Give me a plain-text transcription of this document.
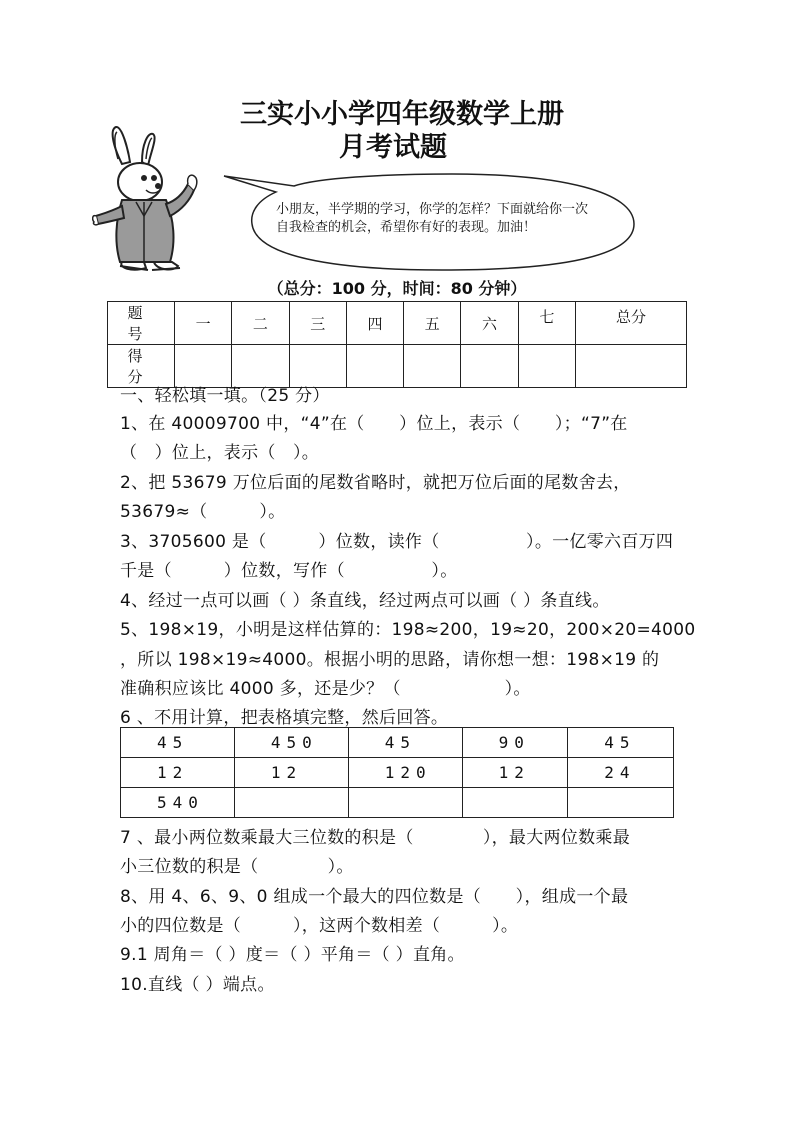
三实小小学四年级数学上册
月考试题
小朋友，半学期的学习，你学的怎样？下面就给你一次
自我检查的机会，希望你有好的表现。加油！
（总分：100 分，时间：80 分钟）
题 号	一	二	三	四	五	六	七	总分
得 分								
一、轻松填一填。（25 分）
1、在 40009700 中，“4”在（　　）位上，表示（　　）；“7”在
（　）位上，表示（　）。
2、把 53679 万位后面的尾数省略时，就把万位后面的尾数舍去，
53679≈（　　　）。
3、3705600 是（　　　）位数，读作（　　　　　）。一亿零六百万四
千是（　　　）位数，写作（　　　　　）。
4、经过一点可以画（ ）条直线，经过两点可以画（ ）条直线。
5、198×19，小明是这样估算的：198≈200，19≈20，200×20=4000
，所以 198×19≈4000。根据小明的思路，请你想一想：198×19 的
准确积应该比 4000 多，还是少？（　　　　　　）。
6 、不用计算，把表格填完整，然后回答。
45	450	45	90	45
12	12	120	12	24
540				
7 、最小两位数乘最大三位数的积是（　　　　），最大两位数乘最
小三位数的积是（　　　　）。
8、用 4、6、9、0 组成一个最大的四位数是（　　），组成一个最
小的四位数是（　　　），这两个数相差（　　　）。
9.1 周角＝（ ）度＝（ ）平角＝（ ）直角。
10.直线（ ）端点。
